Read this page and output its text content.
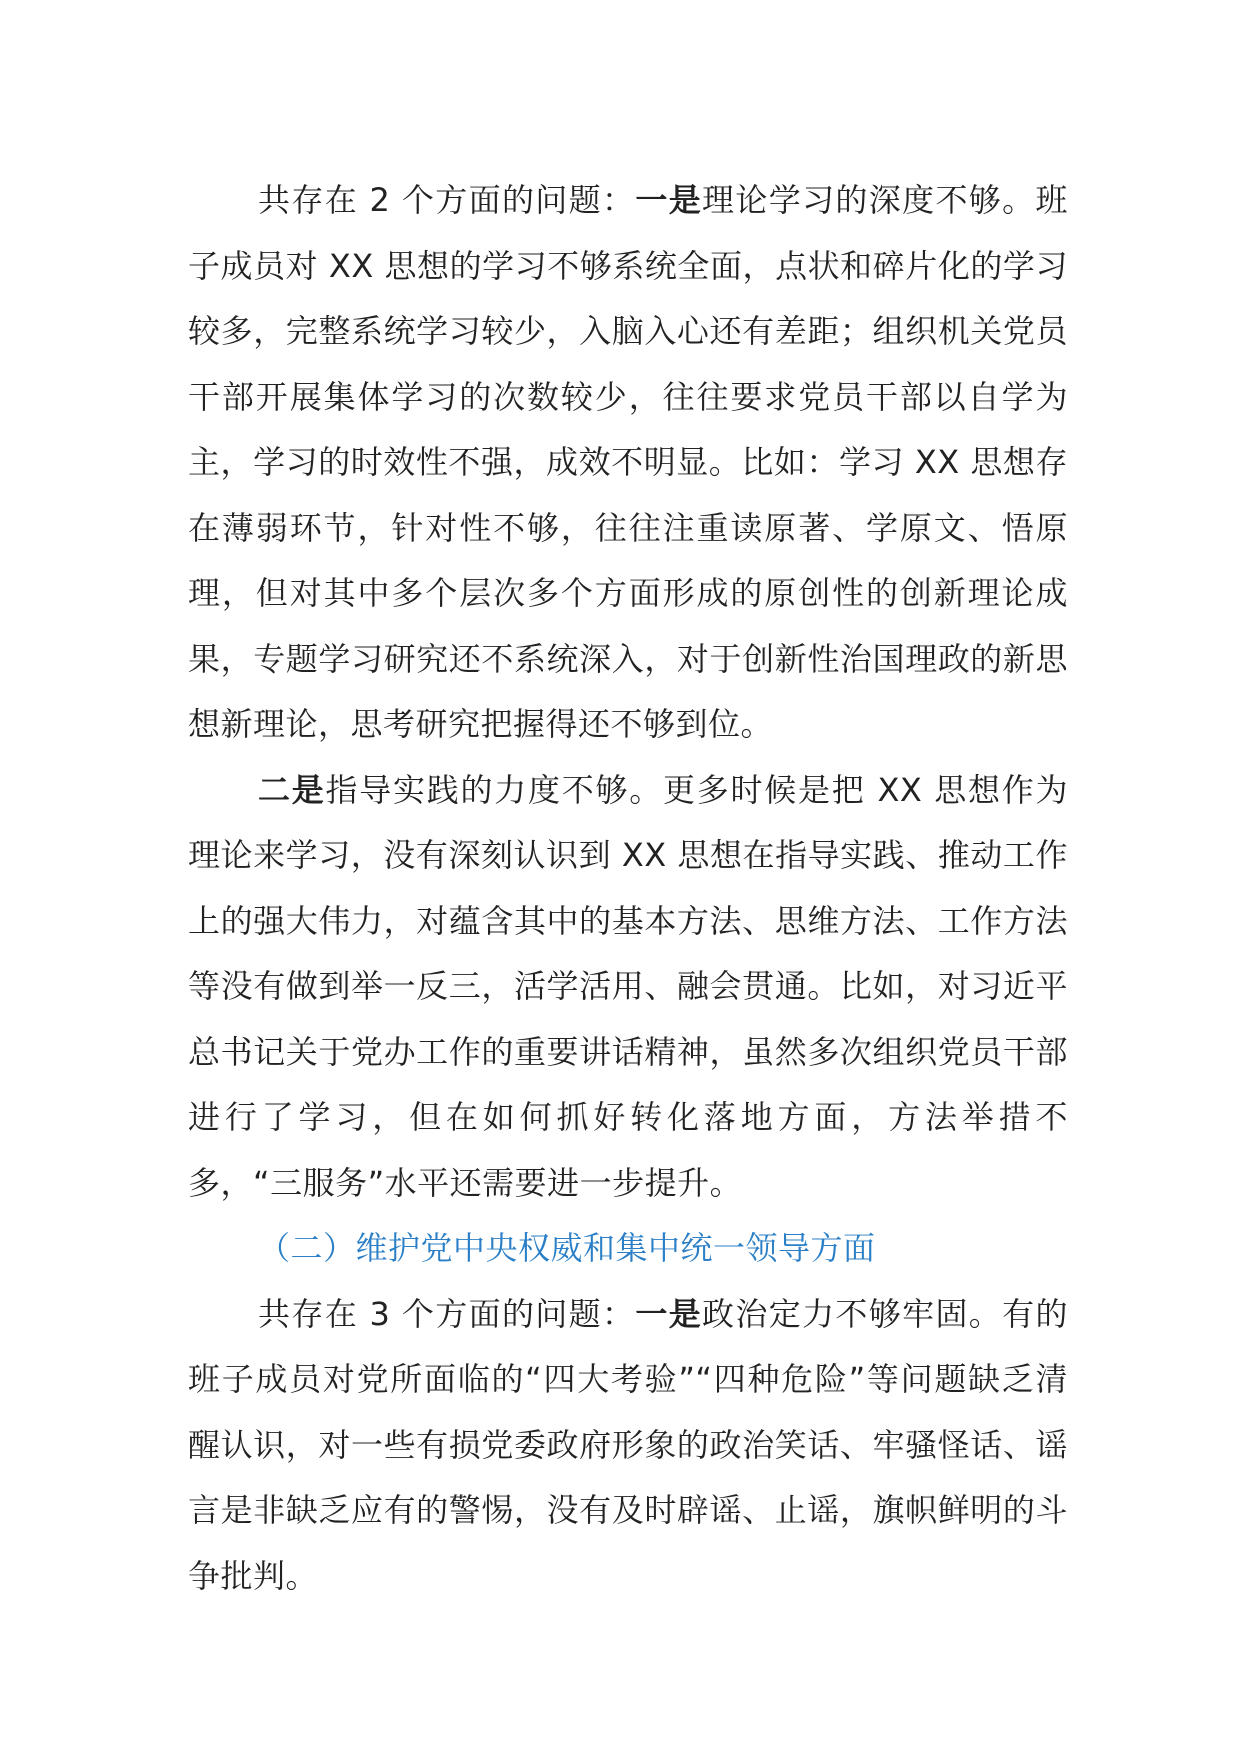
共存在 2 个方面的问题：一是理论学习的深度不够。班子成员对 XX 思想的学习不够系统全面，点状和碎片化的学习较多，完整系统学习较少，入脑入心还有差距；组织机关党员干部开展集体学习的次数较少，往往要求党员干部以自学为主，学习的时效性不强，成效不明显。比如：学习 XX 思想存在薄弱环节，针对性不够，往往注重读原著、学原文、悟原理，但对其中多个层次多个方面形成的原创性的创新理论成果，专题学习研究还不系统深入，对于创新性治国理政的新思想新理论，思考研究把握得还不够到位。

二是指导实践的力度不够。更多时候是把 XX 思想作为理论来学习，没有深刻认识到 XX 思想在指导实践、推动工作上的强大伟力，对蕴含其中的基本方法、思维方法、工作方法等没有做到举一反三，活学活用、融会贯通。比如，对习近平总书记关于党办工作的重要讲话精神，虽然多次组织党员干部进行了学习，但在如何抓好转化落地方面，方法举措不多，“三服务”水平还需要进一步提升。

（二）维护党中央权威和集中统一领导方面

共存在 3 个方面的问题：一是政治定力不够牢固。有的班子成员对党所面临的“四大考验”“四种危险”等问题缺乏清醒认识，对一些有损党委政府形象的政治笑话、牢骚怪话、谣言是非缺乏应有的警惕，没有及时辟谣、止谣，旗帜鲜明的斗争批判。
